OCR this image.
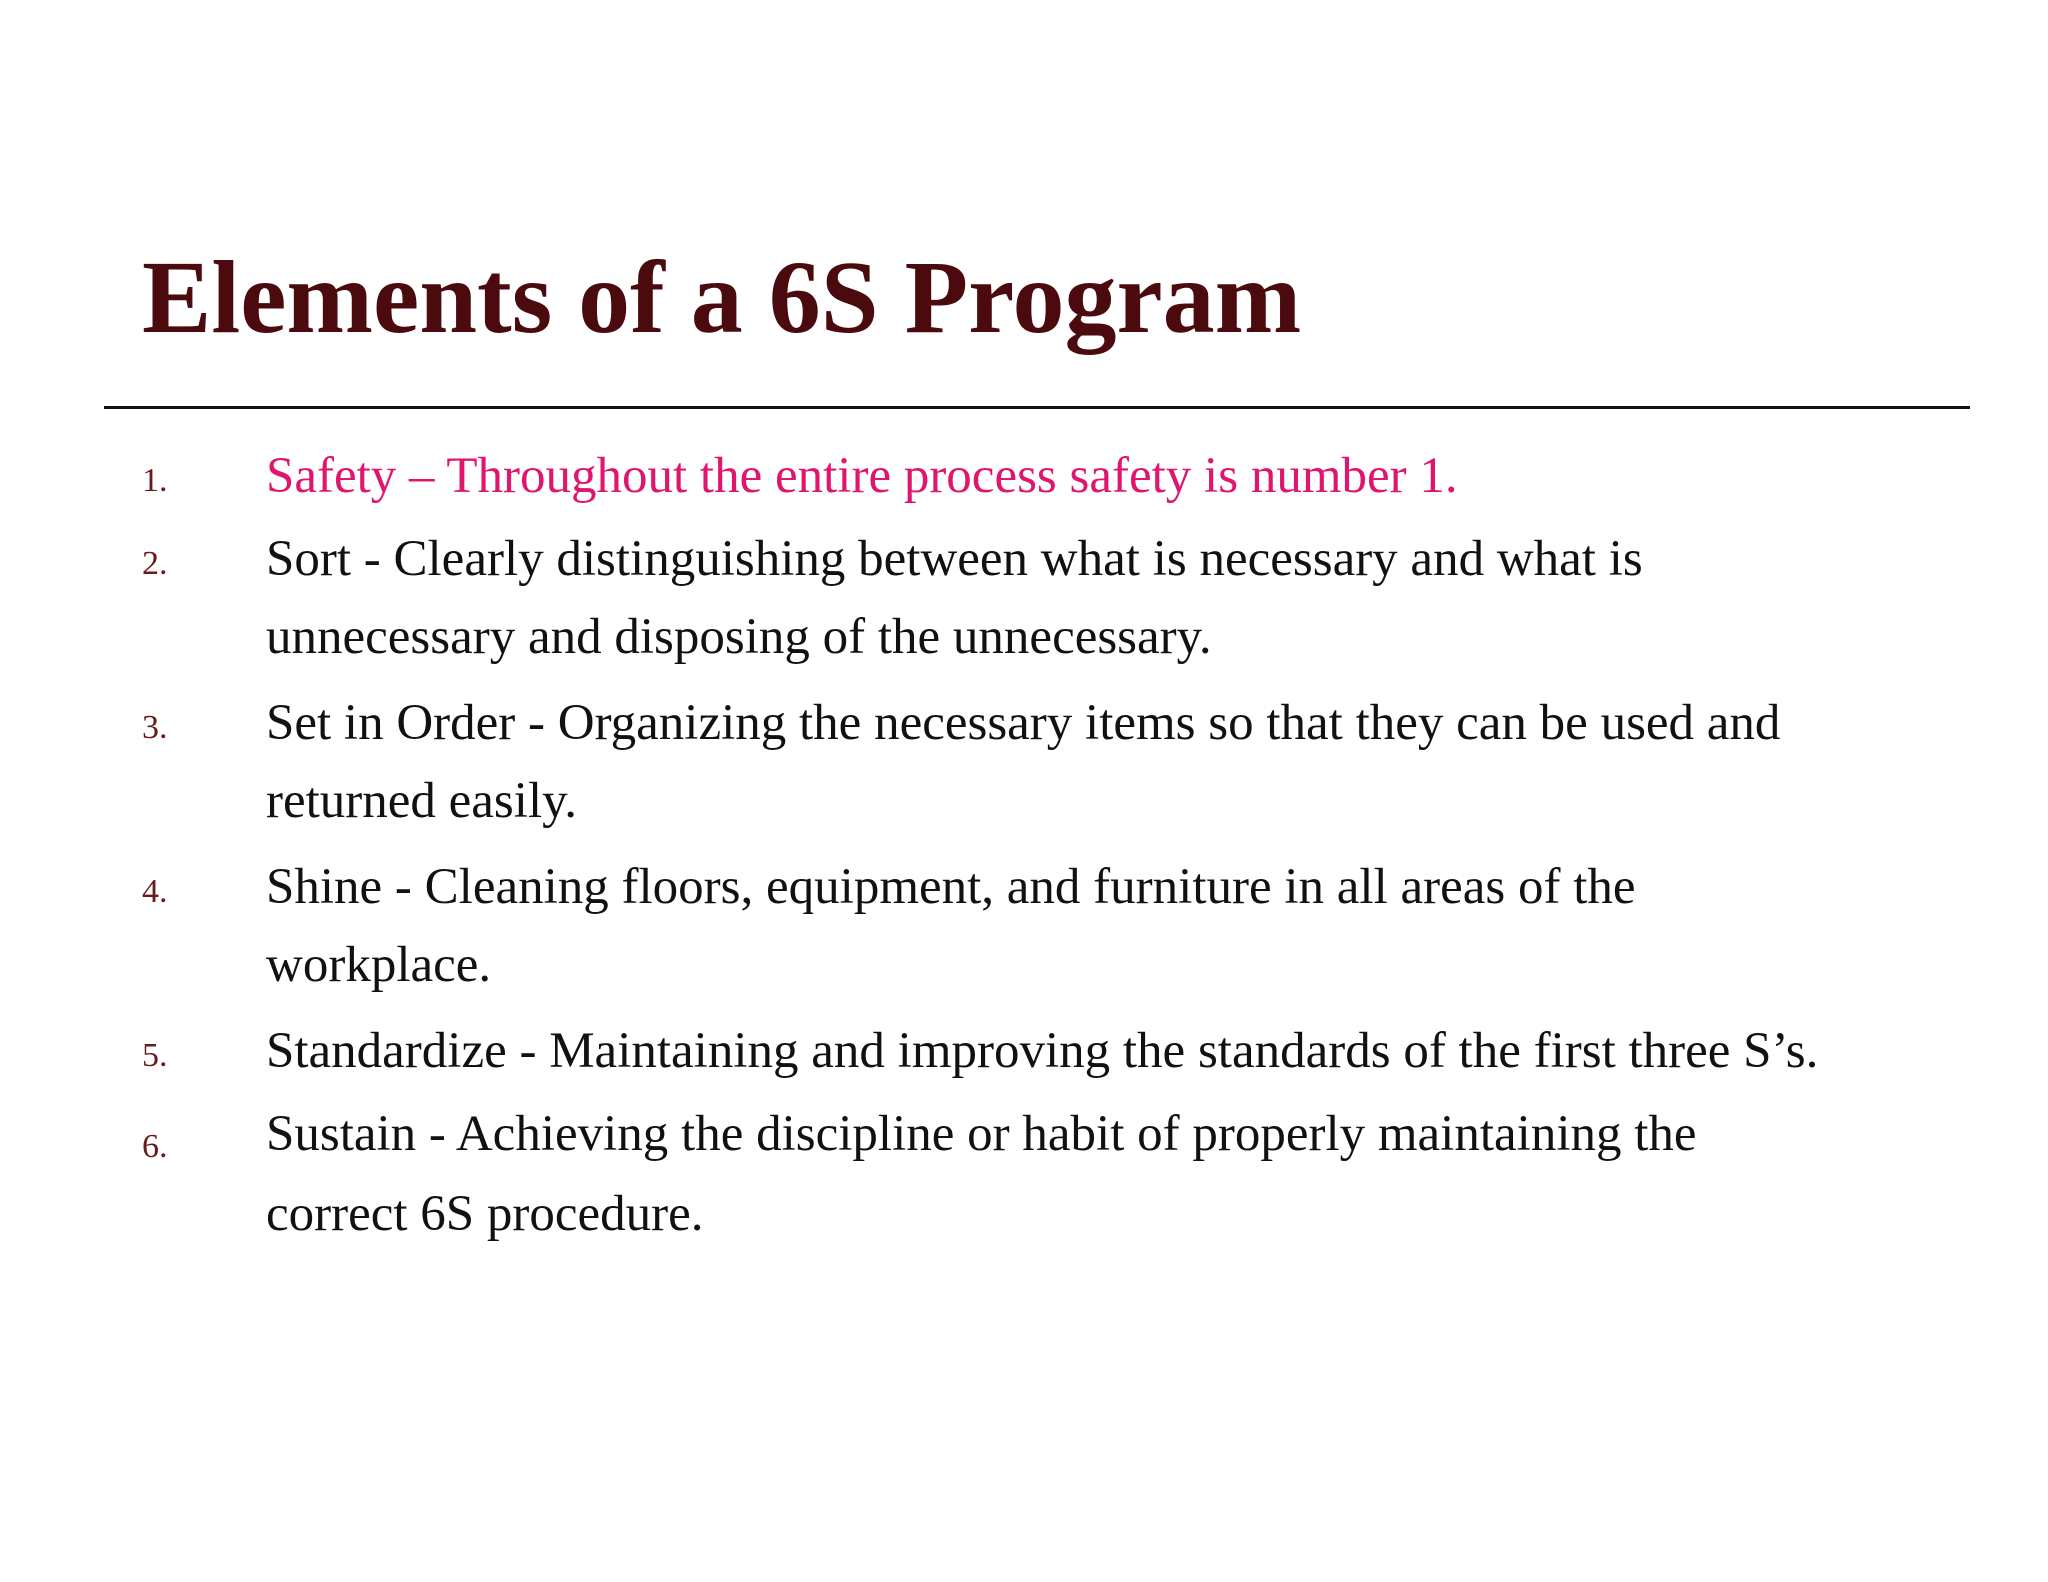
Elements of a 6S Program
1. Safety – Throughout the entire process safety is number 1.
2. Sort - Clearly distinguishing between what is necessary and what is
unnecessary and disposing of the unnecessary.
3. Set in Order - Organizing the necessary items so that they can be used and
returned easily.
4. Shine - Cleaning floors, equipment, and furniture in all areas of the
workplace.
5. Standardize - Maintaining and improving the standards of the first three S’s.
6. Sustain - Achieving the discipline or habit of properly maintaining the
correct 6S procedure.
